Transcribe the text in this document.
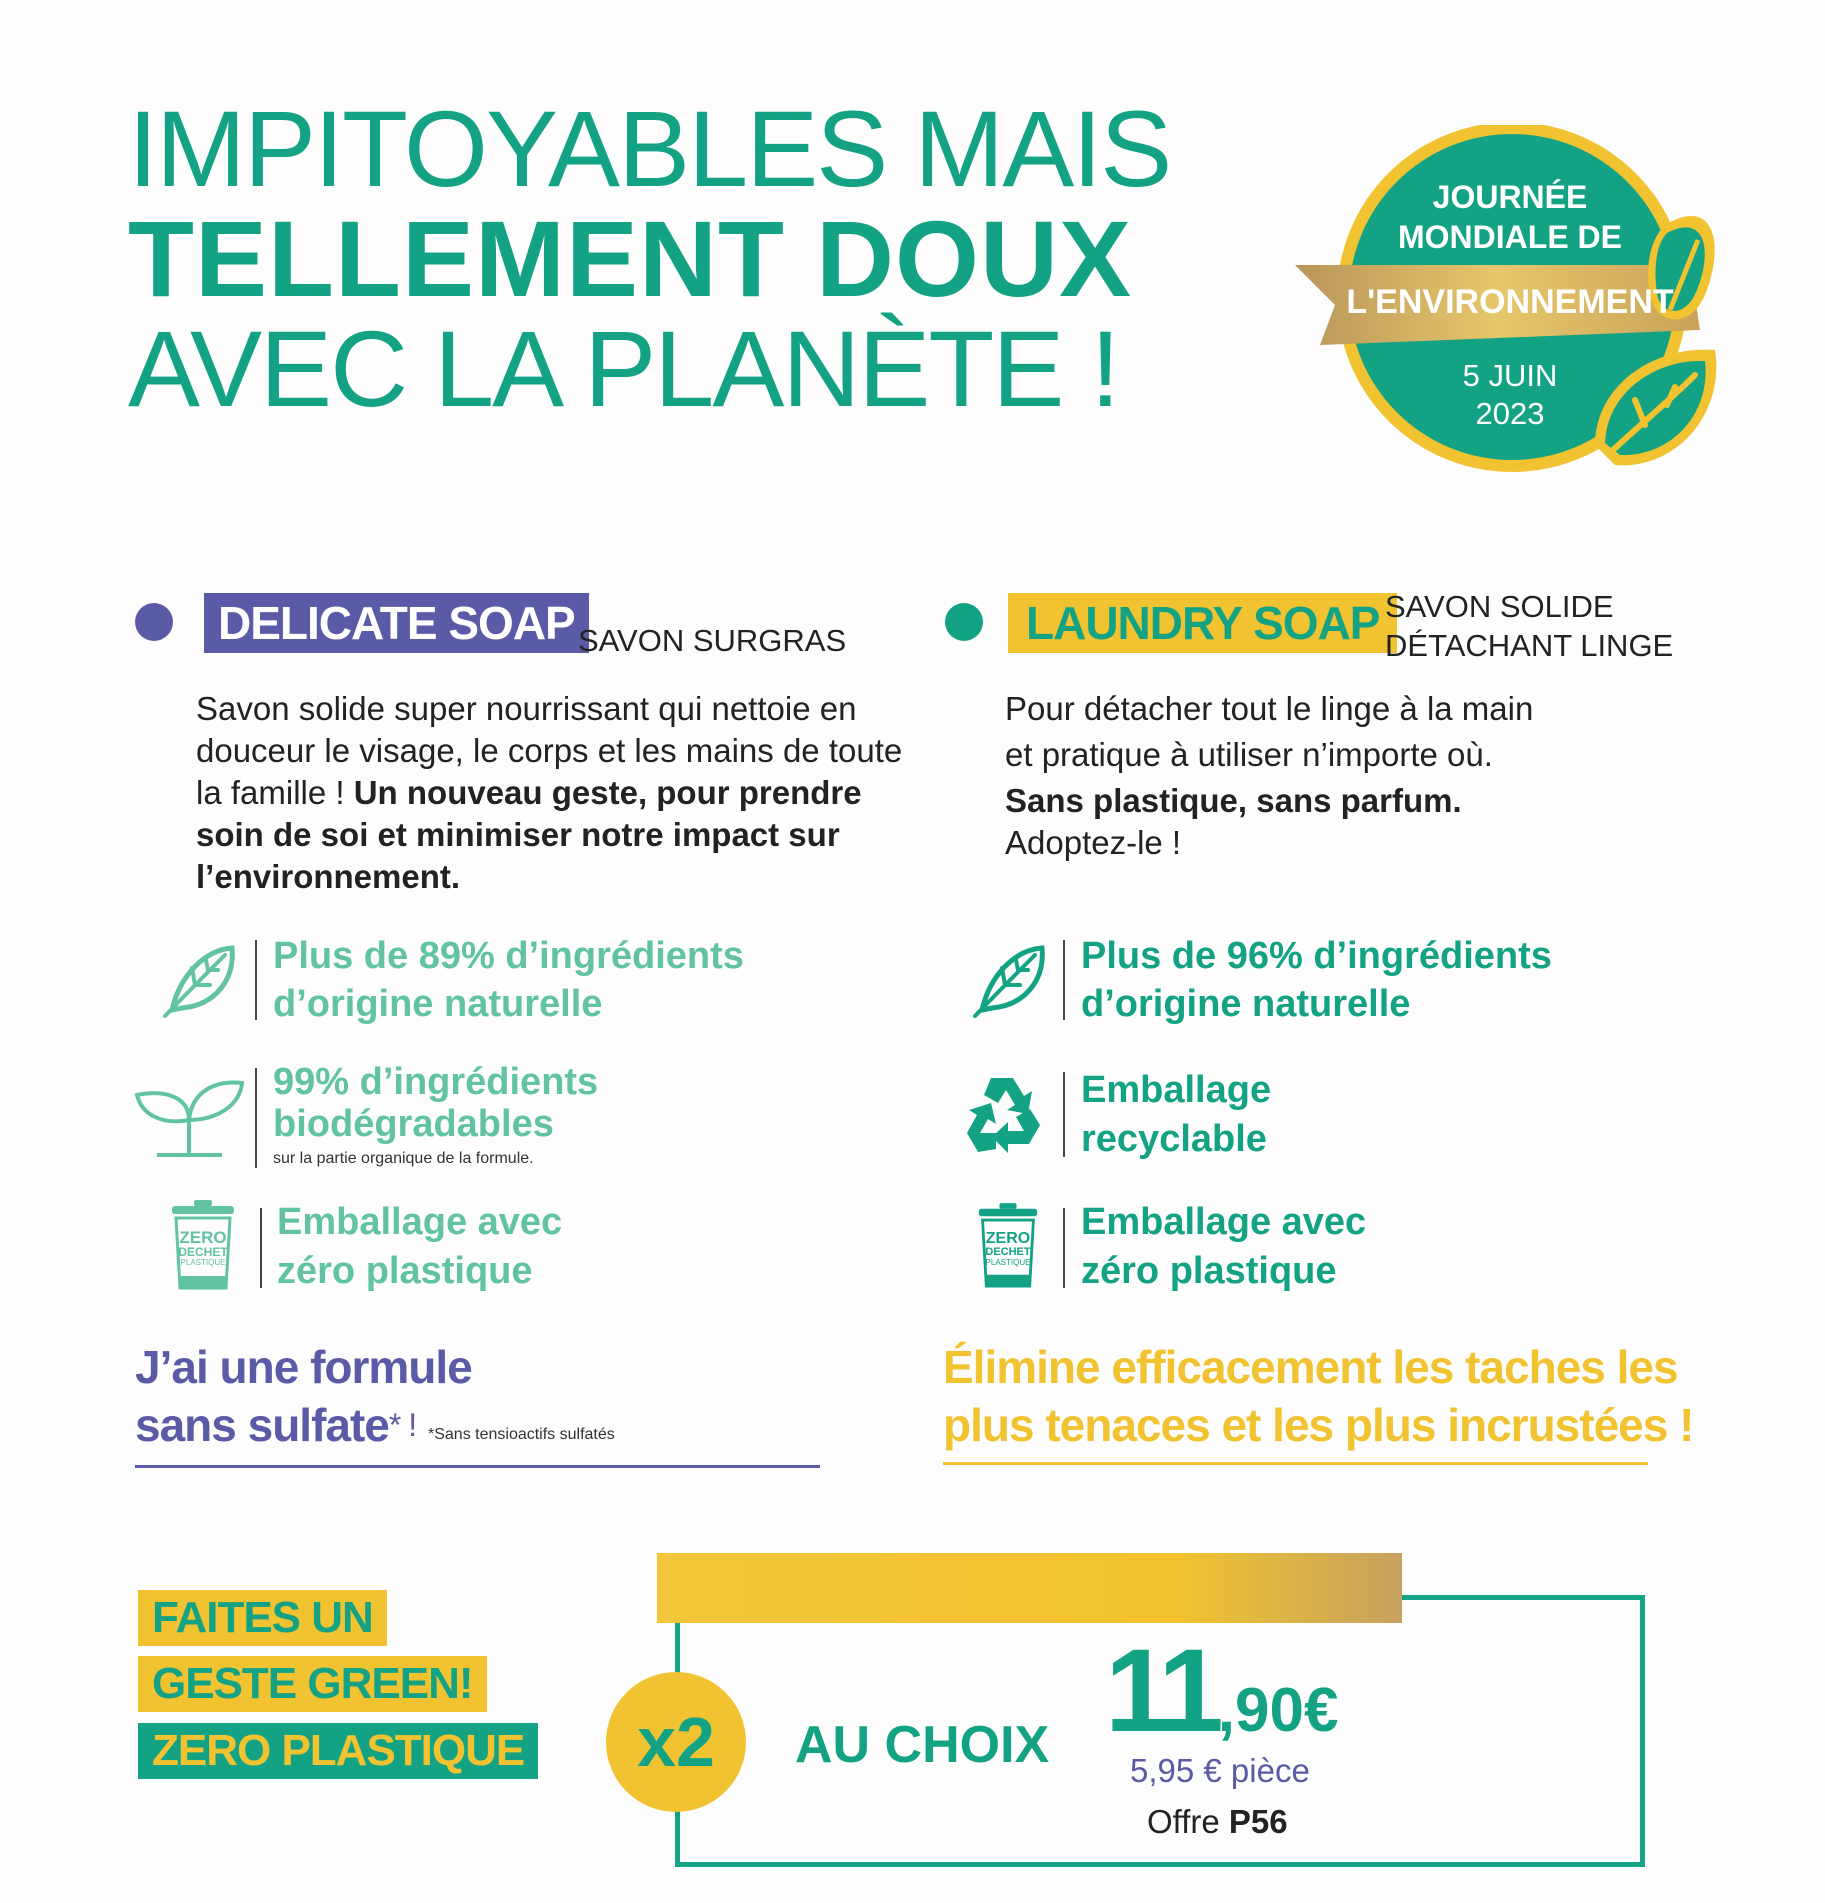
IMPITOYABLES MAIS
TELLEMENT DOUX
AVEC LA PLANÈTE !
JOURNÉE
MONDIALE DE
L'ENVIRONNEMENT
5 JUIN
2023
DELICATE SOAP SAVON SURGRAS
Savon solide super nourrissant qui nettoie en douceur le visage, le corps et les mains de toute la famille ! Un nouveau geste, pour prendre soin de soi et minimiser notre impact sur l’environnement.
Plus de 89% d’ingrédients
d’origine naturelle
99% d’ingrédients
biodégradables
sur la partie organique de la formule.
ZERO
DECHET
PLASTIQUE
Emballage avec
zéro plastique
J’ai une formule
sans sulfate* ! *Sans tensioactifs sulfatés
LAUNDRY SOAP SAVON SOLIDE
DÉTACHANT LINGE
Pour détacher tout le linge à la main
et pratique à utiliser n’importe où.
Sans plastique, sans parfum.
Adoptez-le !
Plus de 96% d’ingrédients
d’origine naturelle
Emballage
recyclable
ZERO
DECHET
PLASTIQUE
Emballage avec
zéro plastique
Élimine efficacement les taches les
plus tenaces et les plus incrustées !
FAITES UN
GESTE GREEN!
ZERO PLASTIQUE	x2	AU CHOIX 11,90€
5,95 € pièce
Offre P56
